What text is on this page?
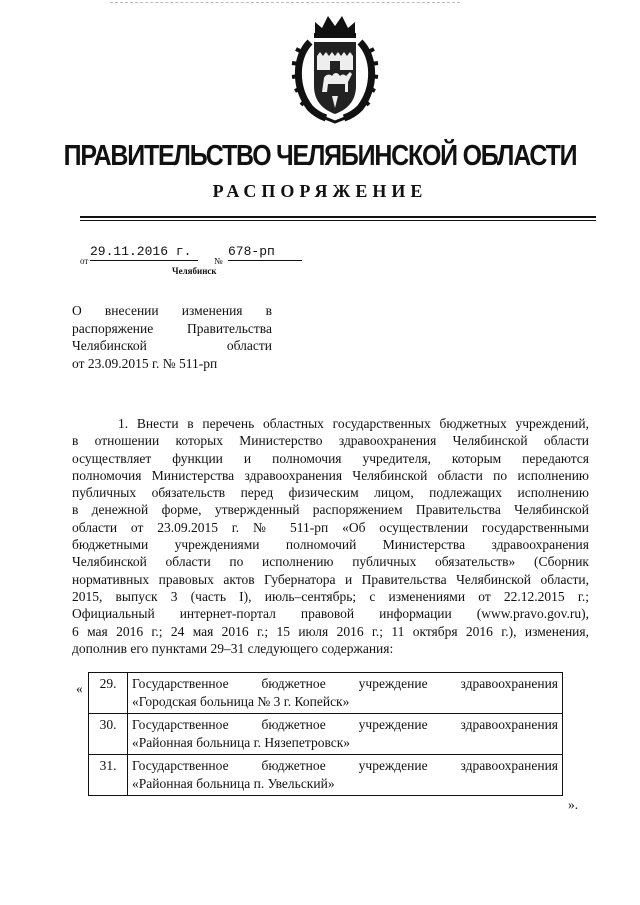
ПРАВИТЕЛЬСТВО ЧЕЛЯБИНСКОЙ ОБЛАСТИ
РАСПОРЯЖЕНИЕ
от
29.11.2016 г.
№
678-рп
Челябинск
О внесении изменения в
распоряжение Правительства
Челябинской области
от 23.09.2015 г. № 511-рп
1. Внести в перечень областных государственных бюджетных учреждений,
в отношении которых Министерство здравоохранения Челябинской области
осуществляет функции и полномочия учредителя, которым передаются
полномочия Министерства здравоохранения Челябинской области по исполнению
публичных обязательств перед физическим лицом, подлежащих исполнению
в денежной форме, утвержденный распоряжением Правительства Челябинской
области от 23.09.2015 г. № 511-рп «Об осуществлении государственными
бюджетными учреждениями полномочий Министерства здравоохранения
Челябинской области по исполнению публичных обязательств» (Сборник
нормативных правовых актов Губернатора и Правительства Челябинской области,
2015, выпуск 3 (часть I), июль–сентябрь; с изменениями от 22.12.2015 г.;
Официальный интернет-портал правовой информации (www.pravo.gov.ru),
6 мая 2016 г.; 24 мая 2016 г.; 15 июля 2016 г.; 11 октября 2016 г.), изменения,
дополнив его пунктами 29–31 следующего содержания:
« 29.	Государственное бюджетное учреждение здравоохранения
«Городская больница № 3 г. Копейск»

30.	Государственное бюджетное учреждение здравоохранения
«Районная больница г. Нязепетровск»

31.	Государственное бюджетное учреждение здравоохранения
«Районная больница п. Увельский»
».
